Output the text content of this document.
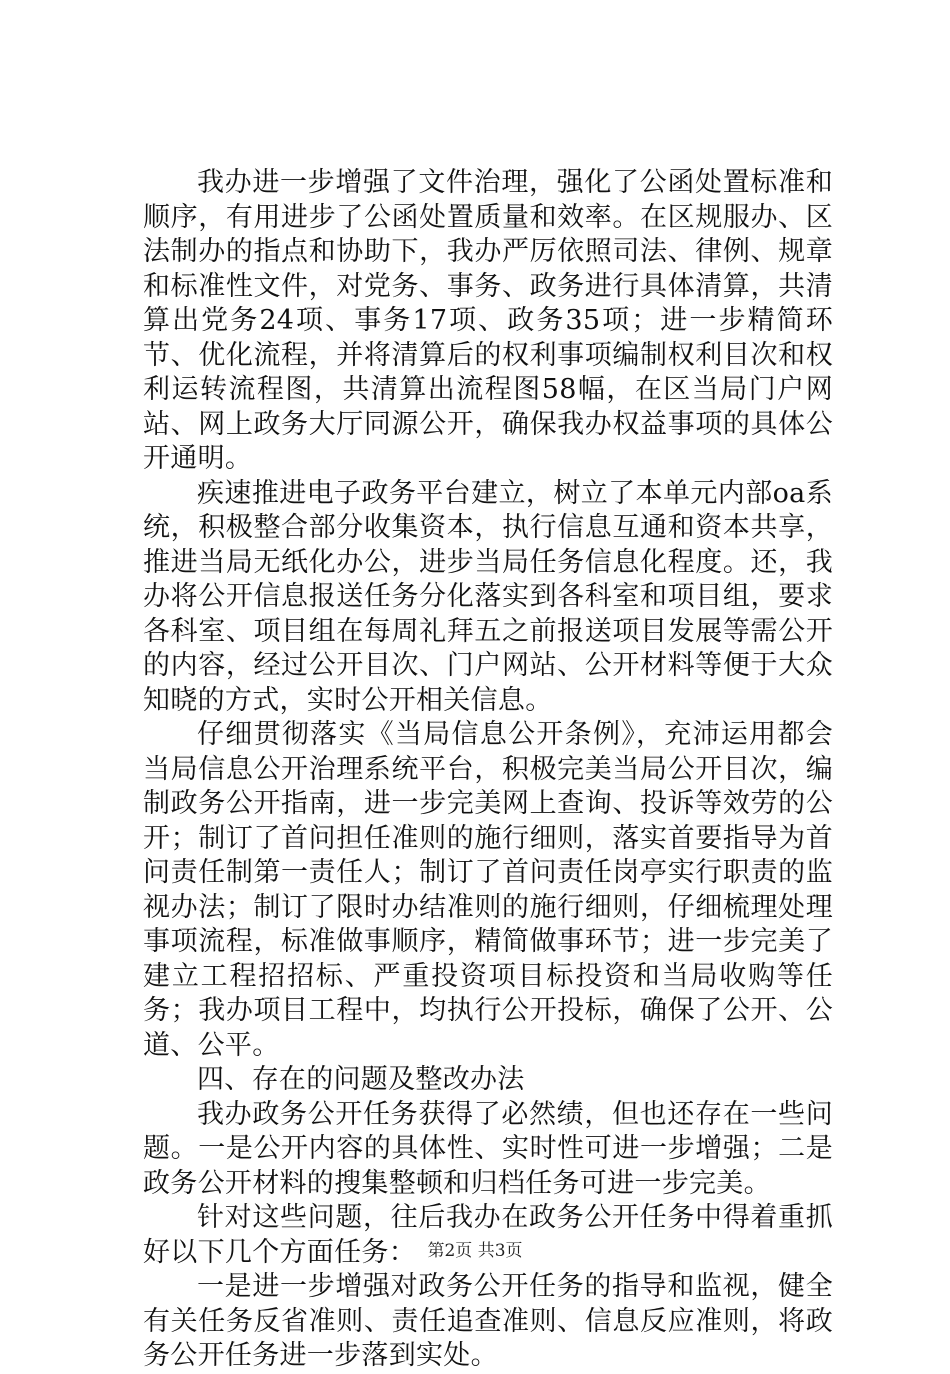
我办进一步增强了文件治理，强化了公函处置标准和顺序，有用进步了公函处置质量和效率。在区规服办、区法制办的指点和协助下，我办严厉依照司法、律例、规章和标准性文件，对党务、事务、政务进行具体清算，共清算出党务24项、事务17项、政务35项；进一步精简环节、优化流程，并将清算后的权利事项编制权利目次和权利运转流程图，共清算出流程图58幅，在区当局门户网站、网上政务大厅同源公开，确保我办权益事项的具体公开通明。

疾速推进电子政务平台建立，树立了本单元内部oa系统，积极整合部分收集资本，执行信息互通和资本共享，推进当局无纸化办公，进步当局任务信息化程度。还，我办将公开信息报送任务分化落实到各科室和项目组，要求各科室、项目组在每周礼拜五之前报送项目发展等需公开的内容，经过公开目次、门户网站、公开材料等便于大众知晓的方式，实时公开相关信息。

仔细贯彻落实《当局信息公开条例》，充沛运用都会当局信息公开治理系统平台，积极完美当局公开目次，编制政务公开指南，进一步完美网上查询、投诉等效劳的公开；制订了首问担任准则的施行细则，落实首要指导为首问责任制第一责任人；制订了首问责任岗亭实行职责的监视办法；制订了限时办结准则的施行细则，仔细梳理处理事项流程，标准做事顺序，精简做事环节；进一步完美了建立工程招招标、严重投资项目标投资和当局收购等任务；我办项目工程中，均执行公开投标，确保了公开、公道、公平。

四、存在的问题及整改办法

我办政务公开任务获得了必然绩，但也还存在一些问题。一是公开内容的具体性、实时性可进一步增强；二是政务公开材料的搜集整顿和归档任务可进一步完美。

针对这些问题，往后我办在政务公开任务中得着重抓好以下几个方面任务：

一是进一步增强对政务公开任务的指导和监视，健全有关任务反省准则、责任追查准则、信息反应准则，将政务公开任务进一步落到实处。

第2页 共3页
